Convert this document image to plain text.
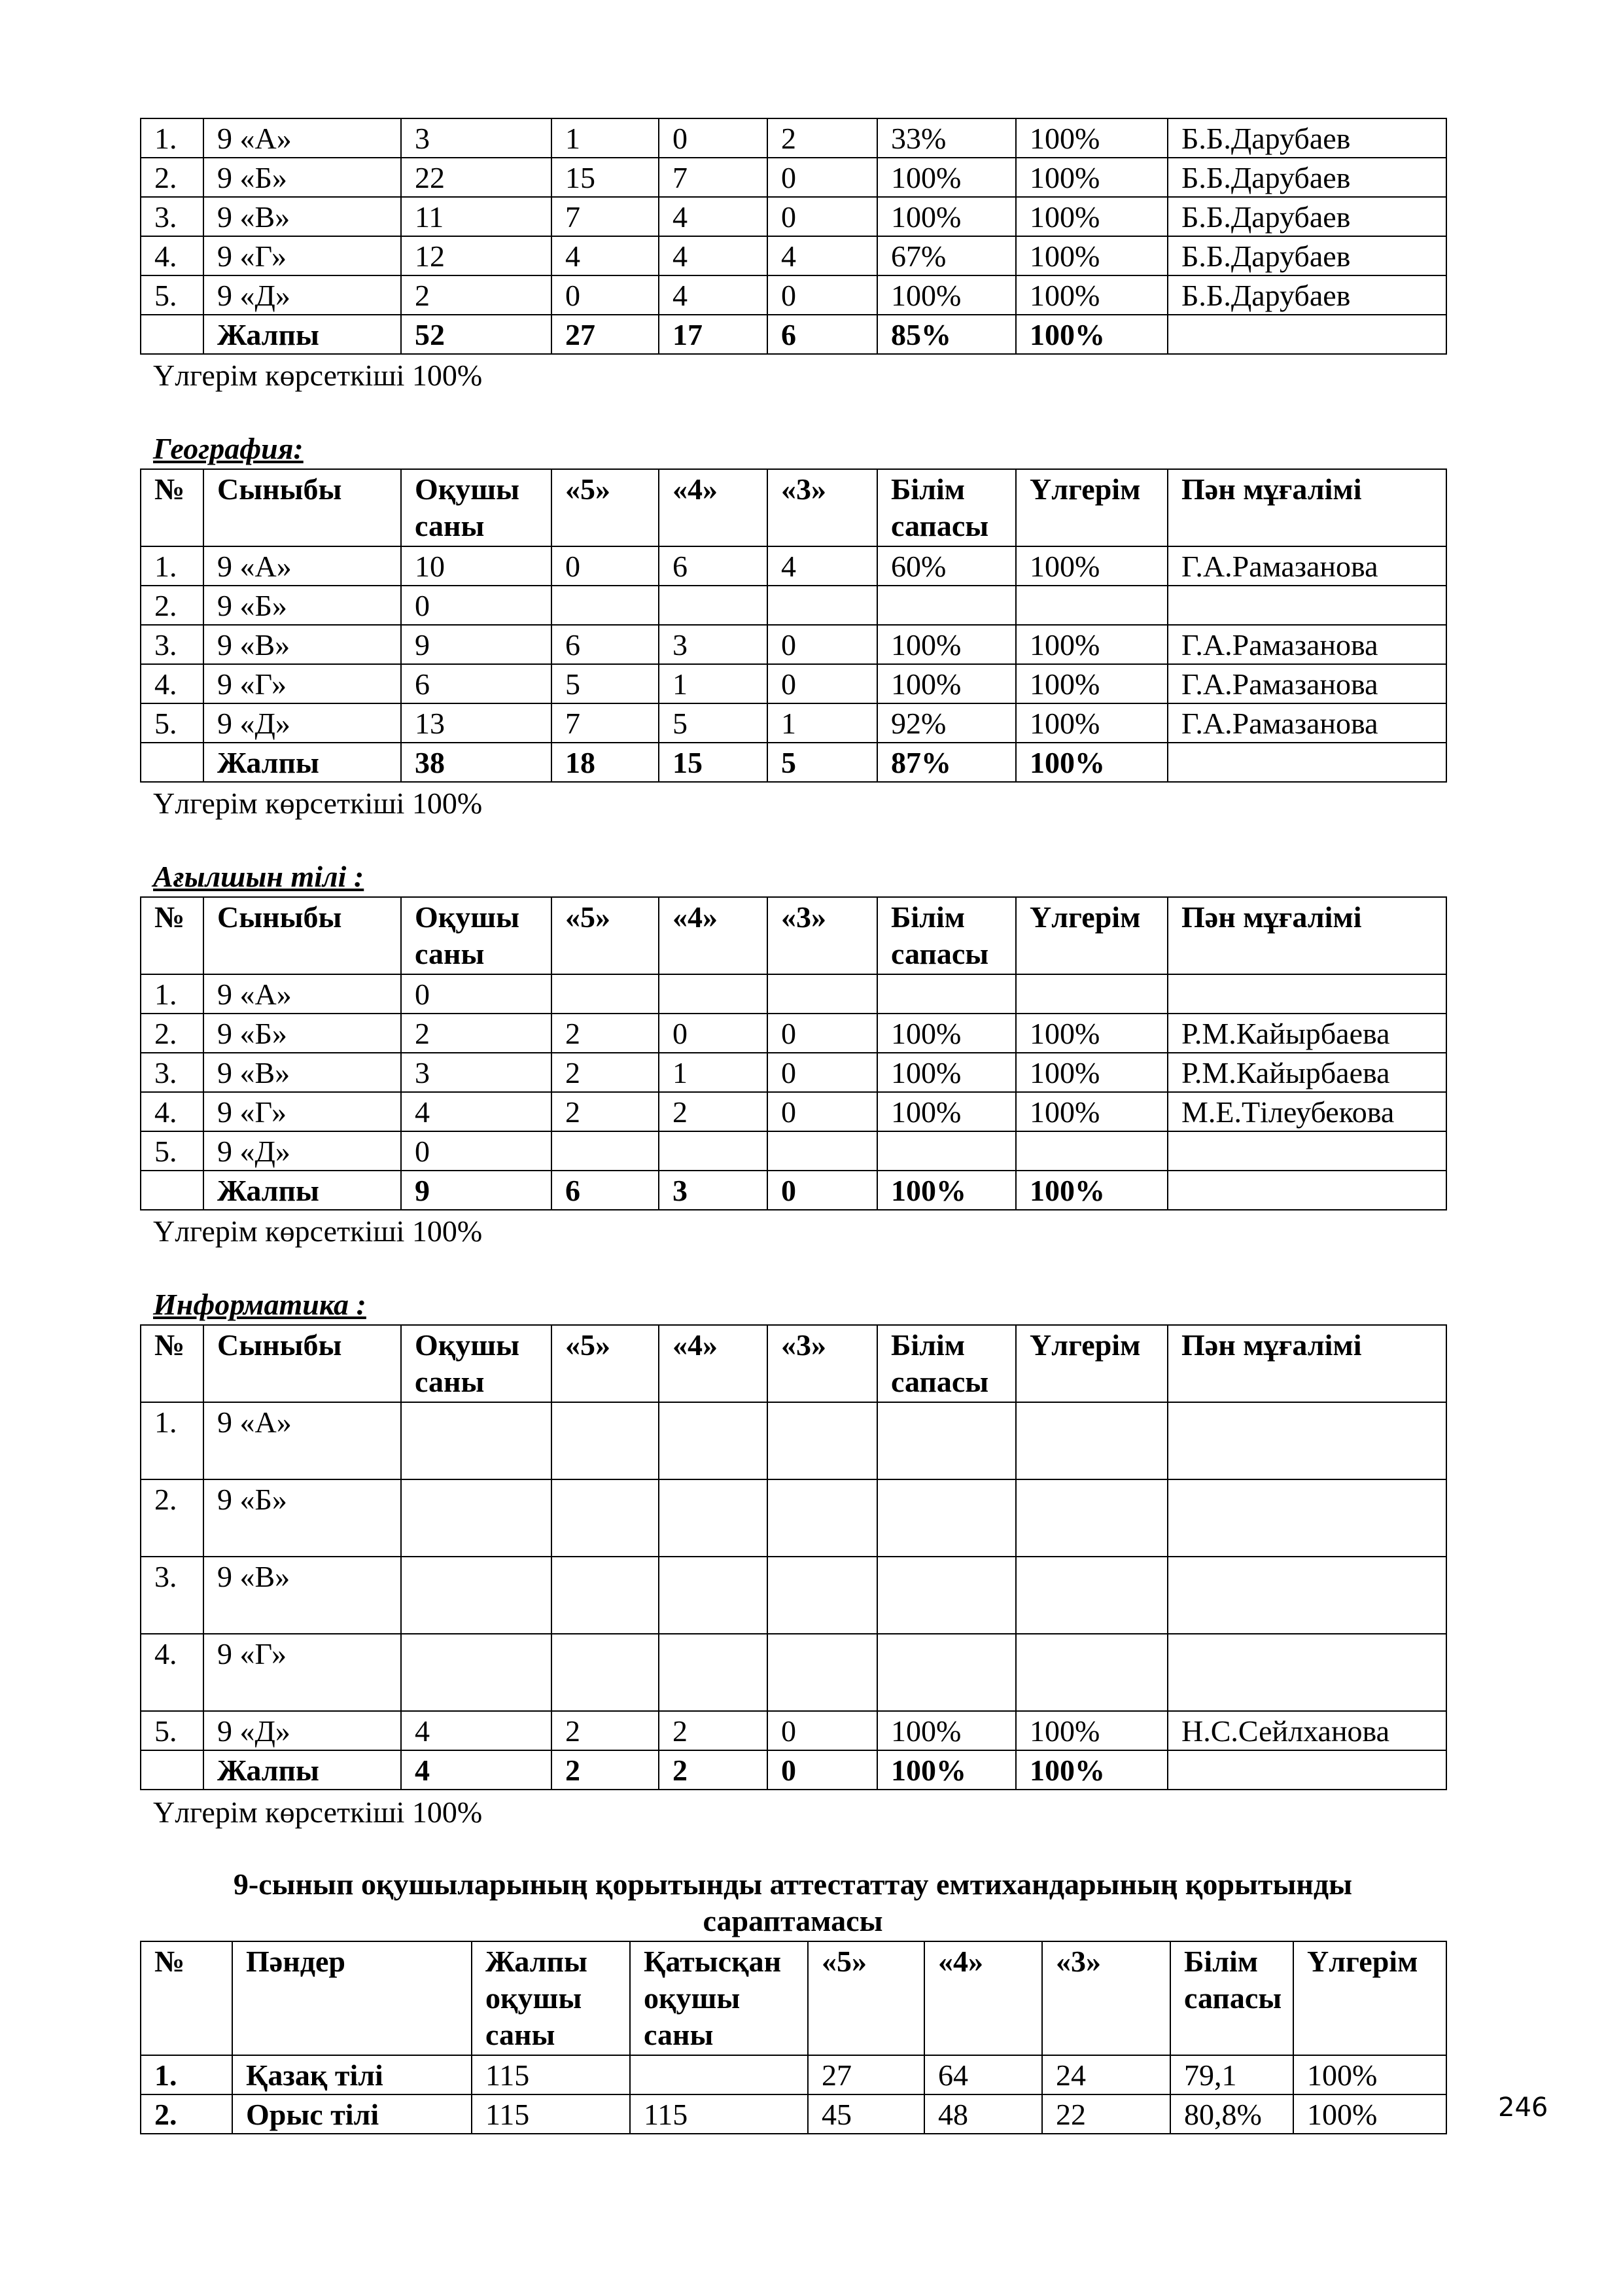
1.	9 «А»	3	1	0	2	33%	100%	Б.Б.Дарубаев
2.	9 «Б»	22	15	7	0	100%	100%	Б.Б.Дарубаев
3.	9 «В»	11	7	4	0	100%	100%	Б.Б.Дарубаев
4.	9 «Г»	12	4	4	4	67%	100%	Б.Б.Дарубаев
5.	9 «Д»	2	0	4	0	100%	100%	Б.Б.Дарубаев
	Жалпы	52	27	17	6	85%	100%	
Үлгерім көрсеткіші 100%
География:
№	Сыныбы	Оқушы саны	«5»	«4»	«3»	Білім сапасы	Үлгерім	Пән мұғалімі
1.	9 «А»	10	0	6	4	60%	100%	Г.А.Рамазанова
2.	9 «Б»	0						
3.	9 «В»	9	6	3	0	100%	100%	Г.А.Рамазанова
4.	9 «Г»	6	5	1	0	100%	100%	Г.А.Рамазанова
5.	9 «Д»	13	7	5	1	92%	100%	Г.А.Рамазанова
	Жалпы	38	18	15	5	87%	100%	
Үлгерім көрсеткіші 100%
Ағылшын тілі :
№	Сыныбы	Оқушы саны	«5»	«4»	«3»	Білім сапасы	Үлгерім	Пән мұғалімі
1.	9 «А»	0						
2.	9 «Б»	2	2	0	0	100%	100%	Р.М.Кайырбаева
3.	9 «В»	3	2	1	0	100%	100%	Р.М.Кайырбаева
4.	9 «Г»	4	2	2	0	100%	100%	М.Е.Тілеубекова
5.	9 «Д»	0						
	Жалпы	9	6	3	0	100%	100%	
Үлгерім көрсеткіші 100%
Информатика :
№	Сыныбы	Оқушы саны	«5»	«4»	«3»	Білім сапасы	Үлгерім	Пән мұғалімі
1.	9 «А»							
2.	9 «Б»							
3.	9 «В»							
4.	9 «Г»							
5.	9 «Д»	4	2	2	0	100%	100%	Н.С.Сейлханова
	Жалпы	4	2	2	0	100%	100%	
Үлгерім көрсеткіші 100%
9-сынып оқушыларының қорытынды аттестаттау емтихандарының қорытынды сараптамасы
№	Пәндер	Жалпы оқушы саны	Қатысқан оқушы саны	«5»	«4»	«3»	Білім сапасы	Үлгерім
1.	Қазақ тілі	115		27	64	24	79,1	100%
2.	Орыс тілі	115	115	45	48	22	80,8%	100%	246
